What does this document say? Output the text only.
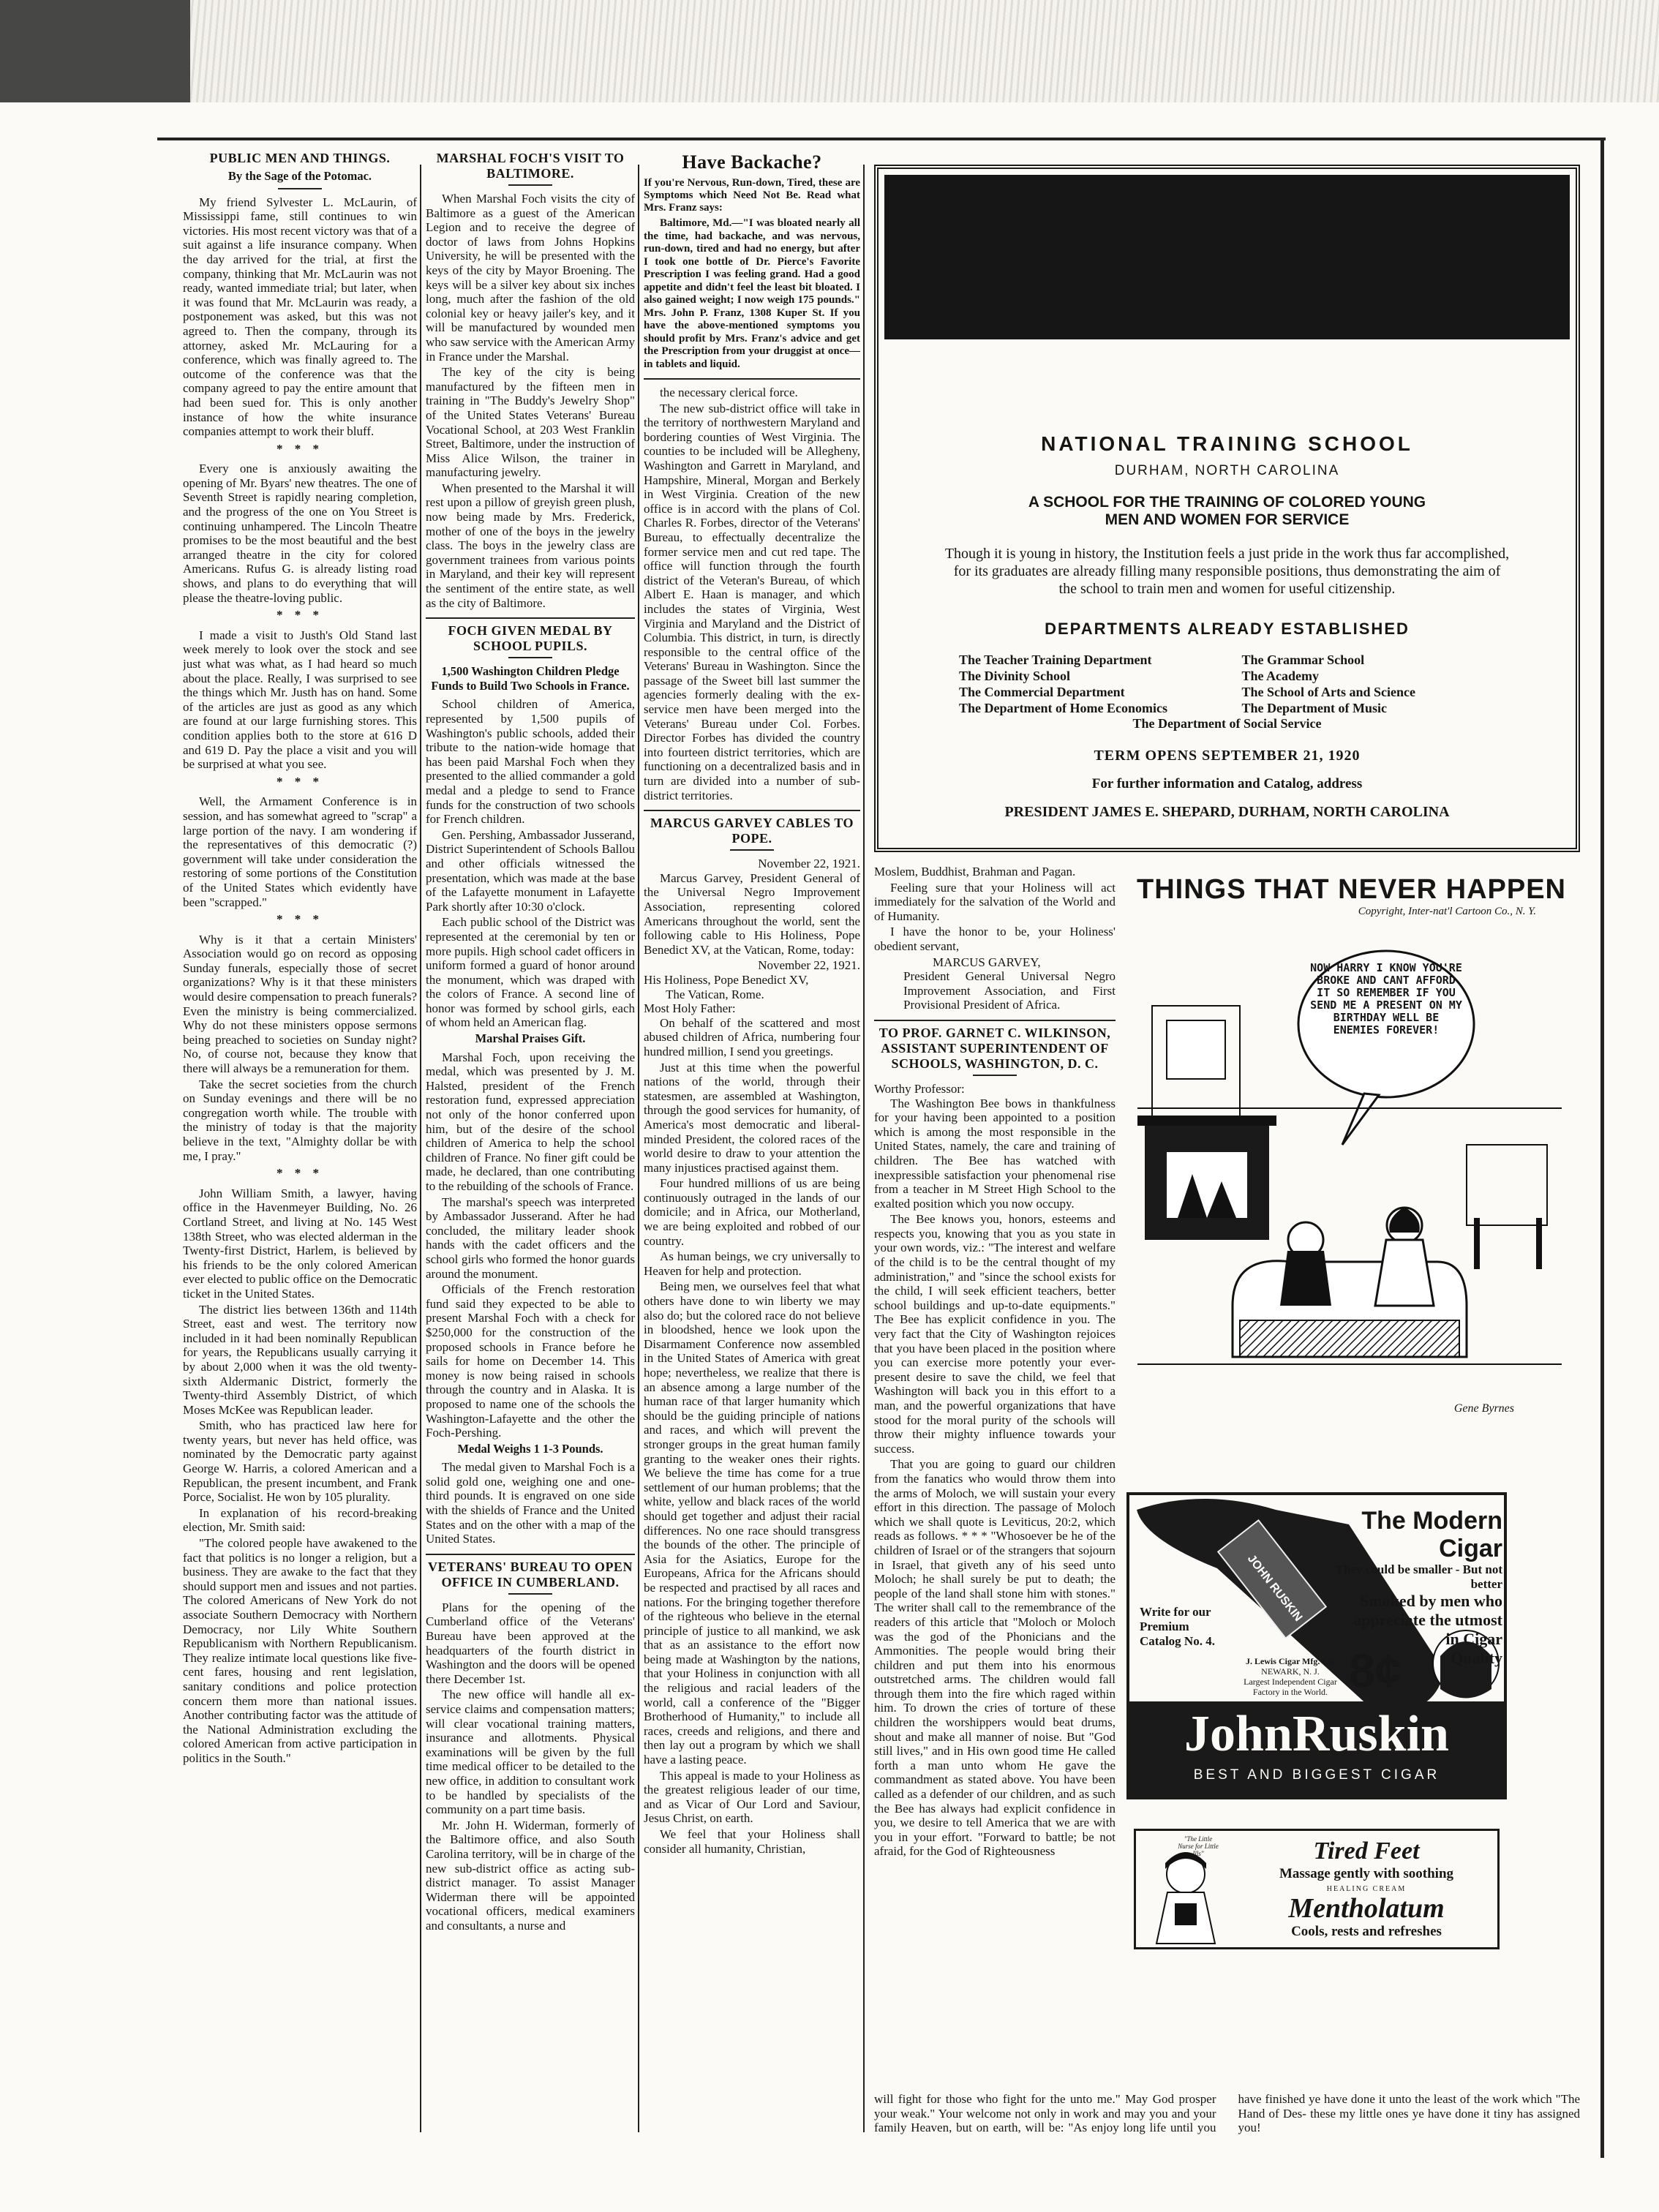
PUBLIC MEN AND THINGS.
By the Sage of the Potomac.

My friend Sylvester L. McLaurin, of Mississippi fame, still continues to win victories. His most recent victory was that of a suit against a life insurance company. When the day arrived for the trial, at first the company, thinking that Mr. McLaurin was not ready, wanted immediate trial; but later, when it was found that Mr. McLaurin was ready, a postponement was asked, but this was not agreed to. Then the company, through its attorney, asked Mr. McLauring for a conference, which was finally agreed to. The outcome of the conference was that the company agreed to pay the entire amount that had been sued for. This is only another instance of how the white insurance companies attempt to work their bluff.

* * *

Every one is anxiously awaiting the opening of Mr. Byars' new theatres. The one of Seventh Street is rapidly nearing completion, and the progress of the one on You Street is continuing unhampered. The Lincoln Theatre promises to be the most beautiful and the best arranged theatre in the city for colored Americans. Rufus G. is already listing road shows, and plans to do everything that will please the theatre-loving public.

* * *

I made a visit to Justh's Old Stand last week merely to look over the stock and see just what was what, as I had heard so much about the place. Really, I was surprised to see the things which Mr. Justh has on hand. Some of the articles are just as good as any which are found at our large furnishing stores. This condition applies both to the store at 616 D and 619 D. Pay the place a visit and you will be surprised at what you see.

* * *

Well, the Armament Conference is in session, and has somewhat agreed to "scrap" a large portion of the navy. I am wondering if the representatives of this democratic (?) government will take under consideration the restoring of some portions of the Constitution of the United States which evidently have been "scrapped."

* * *

Why is it that a certain Ministers' Association would go on record as opposing Sunday funerals, especially those of secret organizations? Why is it that these ministers would desire compensation to preach funerals? Even the ministry is being commercialized. Why do not these ministers oppose sermons being preached to societies on Sunday night? No, of course not, because they know that there will always be a remuneration for them.

Take the secret societies from the church on Sunday evenings and there will be no congregation worth while. The trouble with the ministry of today is that the majority believe in the text, "Almighty dollar be with me, I pray."

* * *

John William Smith, a lawyer, having office in the Havenmeyer Building, No. 26 Cortland Street, and living at No. 145 West 138th Street, who was elected alderman in the Twenty-first District, Harlem, is believed by his friends to be the only colored American ever elected to public office on the Democratic ticket in the United States.

The district lies between 136th and 114th Street, east and west. The territory now included in it had been nominally Republican for years, the Republicans usually carrying it by about 2,000 when it was the old twenty-sixth Aldermanic District, formerly the Twenty-third Assembly District, of which Moses McKee was Republican leader.

Smith, who has practiced law here for twenty years, but never has held office, was nominated by the Democratic party against George W. Harris, a colored American and a Republican, the present incumbent, and Frank Porce, Socialist. He won by 105 plurality.

In explanation of his record-breaking election, Mr. Smith said:

"The colored people have awakened to the fact that politics is no longer a religion, but a business. They are awake to the fact that they should support men and issues and not parties. The colored Americans of New York do not associate Southern Democracy with Northern Democracy, nor Lily White Southern Republicanism with Northern Republicanism. They realize intimate local questions like five-cent fares, housing and rent legislation, sanitary conditions and police protection concern them more than national issues. Another contributing factor was the attitude of the National Administration excluding the colored American from active participation in politics in the South."

MARSHAL FOCH'S VISIT TO BALTIMORE.

When Marshal Foch visits the city of Baltimore as a guest of the American Legion and to receive the degree of doctor of laws from Johns Hopkins University, he will be presented with the keys of the city by Mayor Broening. The keys will be a silver key about six inches long, much after the fashion of the old colonial key or heavy jailer's key, and it will be manufactured by wounded men who saw service with the American Army in France under the Marshal.

The key of the city is being manufactured by the fifteen men in training in "The Buddy's Jewelry Shop" of the United States Veterans' Bureau Vocational School, at 203 West Franklin Street, Baltimore, under the instruction of Miss Alice Wilson, the trainer in manufacturing jewelry.

When presented to the Marshal it will rest upon a pillow of greyish green plush, now being made by Mrs. Frederick, mother of one of the boys in the jewelry class. The boys in the jewelry class are government trainees from various points in Maryland, and their key will represent the sentiment of the entire state, as well as the city of Baltimore.

FOCH GIVEN MEDAL BY SCHOOL PUPILS.
1,500 Washington Children Pledge Funds to Build Two Schools in France.

School children of America, represented by 1,500 pupils of Washington's public schools, added their tribute to the nation-wide homage that has been paid Marshal Foch when they presented to the allied commander a gold medal and a pledge to send to France funds for the construction of two schools for French children.

Gen. Pershing, Ambassador Jusserand, District Superintendent of Schools Ballou and other officials witnessed the presentation, which was made at the base of the Lafayette monument in Lafayette Park shortly after 10:30 o'clock.

Each public school of the District was represented at the ceremonial by ten or more pupils. High school cadet officers in uniform formed a guard of honor around the monument, which was draped with the colors of France. A second line of honor was formed by school girls, each of whom held an American flag.

Marshal Praises Gift.

Marshal Foch, upon receiving the medal, which was presented by J. M. Halsted, president of the French restoration fund, expressed appreciation not only of the honor conferred upon him, but of the desire of the school children of America to help the school children of France. No finer gift could be made, he declared, than one contributing to the rebuilding of the schools of France.

The marshal's speech was interpreted by Ambassador Jusserand. After he had concluded, the military leader shook hands with the cadet officers and the school girls who formed the honor guards around the monument.

Officials of the French restoration fund said they expected to be able to present Marshal Foch with a check for $250,000 for the construction of the proposed schools in France before he sails for home on December 14. This money is now being raised in schools through the country and in Alaska. It is proposed to name one of the schools the Washington-Lafayette and the other the Foch-Pershing.

Medal Weighs 1 1-3 Pounds.

The medal given to Marshal Foch is a solid gold one, weighing one and one-third pounds. It is engraved on one side with the shields of France and the United States and on the other with a map of the United States.

VETERANS' BUREAU TO OPEN OFFICE IN CUMBERLAND.

Plans for the opening of the Cumberland office of the Veterans' Bureau have been approved at the headquarters of the fourth district in Washington and the doors will be opened there December 1st.

The new office will handle all ex-service claims and compensation matters; will clear vocational training matters, insurance and allotments. Physical examinations will be given by the full time medical officer to be detailed to the new office, in addition to consultant work to be handled by specialists of the community on a part time basis.

Mr. John H. Widerman, formerly of the Baltimore office, and also South Carolina territory, will be in charge of the new sub-district office as acting sub-district manager. To assist Manager Widerman there will be appointed vocational officers, medical examiners and consultants, a nurse and

Have Backache?
If you're Nervous, Run-down, Tired, these are Symptoms which Need Not Be. Read what Mrs. Franz says:

Baltimore, Md.—"I was bloated nearly all the time, had backache, and was nervous, run-down, tired and had no energy, but after I took one bottle of Dr. Pierce's Favorite Prescription I was feeling grand. Had a good appetite and didn't feel the least bit bloated. I also gained weight; I now weigh 175 pounds." Mrs. John P. Franz, 1308 Kuper St. If you have the above-mentioned symptoms you should profit by Mrs. Franz's advice and get the Prescription from your druggist at once—in tablets and liquid.

the necessary clerical force.

The new sub-district office will take in the territory of northwestern Maryland and bordering counties of West Virginia. The counties to be included will be Allegheny, Washington and Garrett in Maryland, and Hampshire, Mineral, Morgan and Berkely in West Virginia. Creation of the new office is in accord with the plans of Col. Charles R. Forbes, director of the Veterans' Bureau, to effectually decentralize the former service men and cut red tape. The office will function through the fourth district of the Veteran's Bureau, of which Albert E. Haan is manager, and which includes the states of Virginia, West Virginia and Maryland and the District of Columbia. This district, in turn, is directly responsible to the central office of the Veterans' Bureau in Washington. Since the passage of the Sweet bill last summer the agencies formerly dealing with the ex-service men have been merged into the Veterans' Bureau under Col. Forbes. Director Forbes has divided the country into fourteen district territories, which are functioning on a decentralized basis and in turn are divided into a number of sub-district territories.

MARCUS GARVEY CABLES TO POPE.
November 22, 1921.

Marcus Garvey, President General of the Universal Negro Improvement Association, representing colored Americans throughout the world, sent the following cable to His Holiness, Pope Benedict XV, at the Vatican, Rome, today:

November 22, 1921.
His Holiness, Pope Benedict XV,
The Vatican, Rome.
Most Holy Father:

On behalf of the scattered and most abused children of Africa, numbering four hundred million, I send you greetings.

Just at this time when the powerful nations of the world, through their statesmen, are assembled at Washington, through the good services for humanity, of America's most democratic and liberal-minded President, the colored races of the world desire to draw to your attention the many injustices practised against them.

Four hundred millions of us are being continuously outraged in the lands of our domicile; and in Africa, our Motherland, we are being exploited and robbed of our country.

As human beings, we cry universally to Heaven for help and protection.

Being men, we ourselves feel that what others have done to win liberty we may also do; but the colored race do not believe in bloodshed, hence we look upon the Disarmament Conference now assembled in the United States of America with great hope; nevertheless, we realize that there is an absence among a large number of the human race of that larger humanity which should be the guiding principle of nations and races, and which will prevent the stronger groups in the great human family granting to the weaker ones their rights. We believe the time has come for a true settlement of our human problems; that the white, yellow and black races of the world should get together and adjust their racial differences. No one race should transgress the bounds of the other. The principle of Asia for the Asiatics, Europe for the Europeans, Africa for the Africans should be respected and practised by all races and nations. For the bringing together therefore of the righteous who believe in the eternal principle of justice to all mankind, we ask that as an assistance to the effort now being made at Washington by the nations, that your Holiness in conjunction with all the religious and racial leaders of the world, call a conference of the "Bigger Brotherhood of Humanity," to include all races, creeds and religions, and there and then lay out a program by which we shall have a lasting peace.

This appeal is made to your Holiness as the greatest religious leader of our time, and as Vicar of Our Lord and Saviour, Jesus Christ, on earth.

We feel that your Holiness shall consider all humanity, Christian,

NATIONAL TRAINING SCHOOL
DURHAM, NORTH CAROLINA
A SCHOOL FOR THE TRAINING OF COLORED YOUNG
MEN AND WOMEN FOR SERVICE
Though it is young in history, the Institution feels a just pride in the work thus far accomplished, for its graduates are already filling many responsible positions, thus demonstrating the aim of the school to train men and women for useful citizenship.
DEPARTMENTS ALREADY ESTABLISHED
The Teacher Training Department	The Grammar School
The Divinity School	The Academy
The Commercial Department	The School of Arts and Science
The Department of Home Economics	The Department of Music
The Department of Social Service
TERM OPENS SEPTEMBER 21, 1920
For further information and Catalog, address
PRESIDENT JAMES E. SHEPARD, DURHAM, NORTH CAROLINA

Moslem, Buddhist, Brahman and Pagan.

Feeling sure that your Holiness will act immediately for the salvation of the World and of Humanity.

I have the honor to be, your Holiness' obedient servant,

MARCUS GARVEY,
President General Universal Negro Improvement Association, and First Provisional President of Africa.
TO PROF. GARNET C. WILKINSON, ASSISTANT SUPERINTENDENT OF SCHOOLS, WASHINGTON, D. C.
Worthy Professor:

The Washington Bee bows in thankfulness for your having been appointed to a position which is among the most responsible in the United States, namely, the care and training of children. The Bee has watched with inexpressible satisfaction your phenomenal rise from a teacher in M Street High School to the exalted position which you now occupy.

The Bee knows you, honors, esteems and respects you, knowing that you as you state in your own words, viz.: "The interest and welfare of the child is to be the central thought of my administration," and "since the school exists for the child, I will seek efficient teachers, better school buildings and up-to-date equipments." The Bee has explicit confidence in you. The very fact that the City of Washington rejoices that you have been placed in the position where you can exercise more potently your ever-present desire to save the child, we feel that Washington will back you in this effort to a man, and the powerful organizations that have stood for the moral purity of the schools will throw their mighty influence towards your success.

That you are going to guard our children from the fanatics who would throw them into the arms of Moloch, we will sustain your every effort in this direction. The passage of Moloch which we shall quote is Leviticus, 20:2, which reads as follows. * * * "Whosoever be he of the children of Israel or of the strangers that sojourn in Israel, that giveth any of his seed unto Moloch; he shall surely be put to death; the people of the land shall stone him with stones." The writer shall call to the remembrance of the readers of this article that "Moloch or Moloch was the god of the Phonicians and the Ammonities. The people would bring their children and put them into his enormous outstretched arms. The children would fall through them into the fire which raged within him. To drown the cries of torture of these children the worshippers would beat drums, shout and make all manner of noise. But "God still lives," and in His own good time He called forth a man unto whom He gave the commandment as stated above. You have been called as a defender of our children, and as such the Bee has always had explicit confidence in you, we desire to tell America that we are with you in your effort. "Forward to battle; be not afraid, for the God of Righteousness

will fight for those who fight for the unto me." May God prosper your weak." Your welcome not only in work and may you and your family Heaven, but on earth, will be: "As enjoy long life until you have finished ye have done it unto the least of the work which "The Hand of Des- these my little ones ye have done it tiny has assigned you!

THINGS THAT NEVER HAPPEN
Copyright, Inter-nat'l Cartoon Co., N. Y.
NOW HARRY I KNOW YOU'RE BROKE AND CANT AFFORD IT SO REMEMBER IF YOU SEND ME A PRESENT ON MY BIRTHDAY WELL BE ENEMIES FOREVER!
Gene Byrnes
JOHN RUSKIN
The Modern Cigar
They could be smaller - But not better
Smoked by men who
appreciate the utmost
in Cigar
Quality
Write for our Premium Catalog No. 4.
J. Lewis Cigar Mfg. Co.
NEWARK, N. J.
Largest Independent Cigar Factory in the World. 8¢
JohnRuskin
BEST AND BIGGEST CIGAR
"The Little Nurse for Little Ills"	Tired Feet
Massage gently with soothing
HEALING CREAM
Mentholatum
Cools, rests and refreshes
